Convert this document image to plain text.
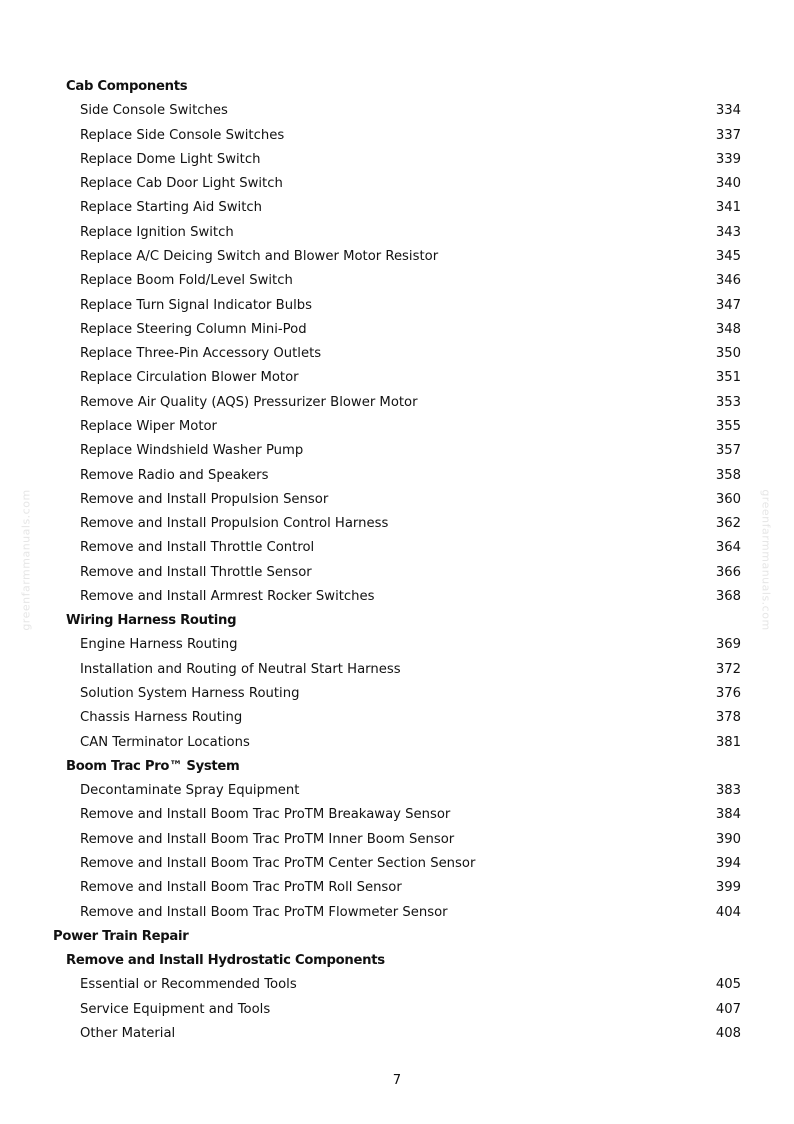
greenfarmmanuals.com	greenfarmmanuals.com
Cab Components
Side Console Switches	334
Replace Side Console Switches	337
Replace Dome Light Switch	339
Replace Cab Door Light Switch	340
Replace Starting Aid Switch	341
Replace Ignition Switch	343
Replace A/C Deicing Switch and Blower Motor Resistor	345
Replace Boom Fold/Level Switch	346
Replace Turn Signal Indicator Bulbs	347
Replace Steering Column Mini-Pod	348
Replace Three-Pin Accessory Outlets	350
Replace Circulation Blower Motor	351
Remove Air Quality (AQS) Pressurizer Blower Motor	353
Replace Wiper Motor	355
Replace Windshield Washer Pump	357
Remove Radio and Speakers	358
Remove and Install Propulsion Sensor	360
Remove and Install Propulsion Control Harness	362
Remove and Install Throttle Control	364
Remove and Install Throttle Sensor	366
Remove and Install Armrest Rocker Switches	368
Wiring Harness Routing
Engine Harness Routing	369
Installation and Routing of Neutral Start Harness	372
Solution System Harness Routing	376
Chassis Harness Routing	378
CAN Terminator Locations	381
Boom Trac Pro™ System
Decontaminate Spray Equipment	383
Remove and Install Boom Trac ProTM Breakaway Sensor	384
Remove and Install Boom Trac ProTM Inner Boom Sensor	390
Remove and Install Boom Trac ProTM Center Section Sensor	394
Remove and Install Boom Trac ProTM Roll Sensor	399
Remove and Install Boom Trac ProTM Flowmeter Sensor	404
Power Train Repair
Remove and Install Hydrostatic Components
Essential or Recommended Tools	405
Service Equipment and Tools	407
Other Material	408
7
